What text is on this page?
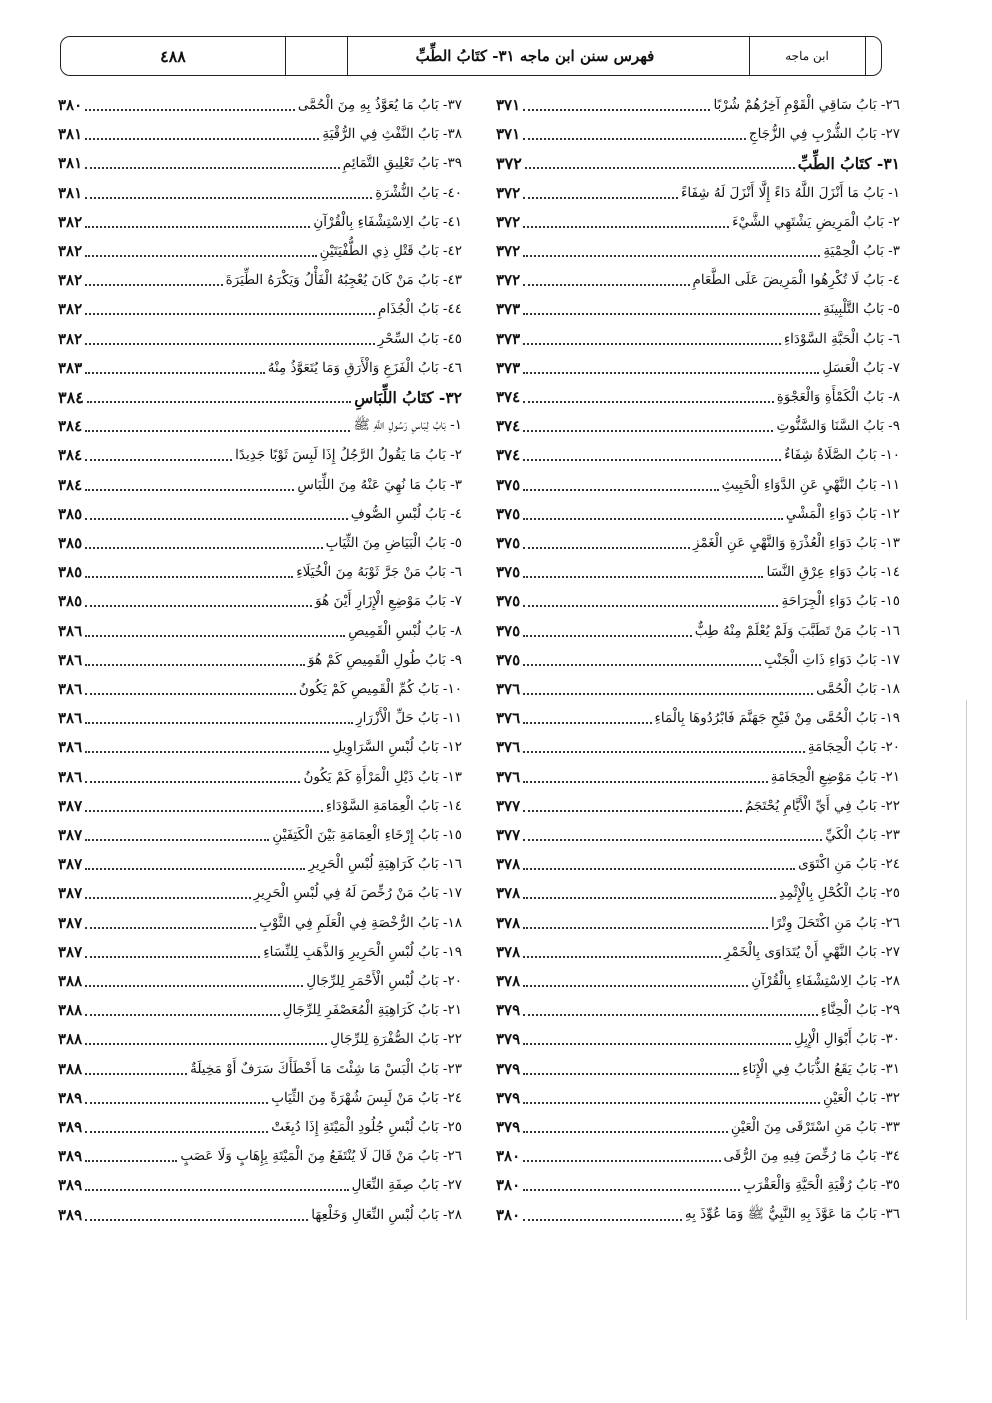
٤٨٨	فهرس سنن ابن ماجه ٣١- كتَابُ الطِّبِّ	ابن ماجه
٣٧١	٢٦- بَابُ سَاقِي الْقَوْمِ آخِرُهُمْ شُرْبًا
٣٧١	٢٧- بَابُ الشُّرْبِ فِي الزُّجَاجِ
٣٧٢	٣١- كتَابُ الطِّبِّ
٣٧٢	١- بَابُ مَا أَنْزَلَ اللَّهُ دَاءً إِلَّا أَنْزَلَ لَهُ شِفَاءً
٣٧٢	٢- بَابُ الْمَرِيضِ يَشْتَهِي الشَّيْءَ
٣٧٢	٣- بَابُ الْحِمْيَةِ
٣٧٢	٤- بَابُ لَا تُكْرِهُوا الْمَرِيضَ عَلَى الطَّعَامِ
٣٧٣	٥- بَابُ التَّلْبِينَةِ
٣٧٣	٦- بَابُ الْحَبَّةِ السَّوْدَاءِ
٣٧٣	٧- بَابُ الْعَسَلِ
٣٧٤	٨- بَابُ الْكَمْأَةِ وَالْعَجْوَةِ
٣٧٤	٩- بَابُ السَّنَا وَالسَّنُّوتِ
٣٧٤	١٠- بَابُ الصَّلَاةُ شِفَاءٌ
٣٧٥	١١- بَابُ النَّهْيِ عَنِ الدَّوَاءِ الْخَبِيثِ
٣٧٥	١٢- بَابُ دَوَاءِ الْمَشْيِ
٣٧٥	١٣- بَابُ دَوَاءِ الْعُذْرَةِ وَالنَّهْيِ عَنِ الْغَمْزِ
٣٧٥	١٤- بَابُ دَوَاءِ عِرْقِ النَّسَا
٣٧٥	١٥- بَابُ دَوَاءِ الْجِرَاحَةِ
٣٧٥	١٦- بَابُ مَنْ تَطَبَّبَ وَلَمْ يُعْلَمْ مِنْهُ طِبٌّ
٣٧٥	١٧- بَابُ دَوَاءِ ذَاتِ الْجَنْبِ
٣٧٦	١٨- بَابُ الْحُمَّى
٣٧٦	١٩- بَابُ الْحُمَّى مِنْ فَيْحِ جَهَنَّمَ فَابْرُدُوهَا بِالْمَاءِ
٣٧٦	٢٠- بَابُ الْحِجَامَةِ
٣٧٦	٢١- بَابُ مَوْضِعِ الْحِجَامَةِ
٣٧٧	٢٢- بَابُ فِي أَيِّ الْأَيَّامِ يُحْتَجَمُ
٣٧٧	٢٣- بَابُ الْكَيِّ
٣٧٨	٢٤- بَابُ مَنِ اكْتَوَى
٣٧٨	٢٥- بَابُ الْكُحْلِ بِالْإِثْمِدِ
٣٧٨	٢٦- بَابُ مَنِ اكْتَحَلَ وِتْرًا
٣٧٨	٢٧- بَابُ النَّهْيِ أَنْ يُتَدَاوَى بِالْخَمْرِ
٣٧٨	٢٨- بَابُ الِاسْتِشْفَاءِ بِالْقُرْآنِ
٣٧٩	٢٩- بَابُ الْحِنَّاءِ
٣٧٩	٣٠- بَابُ أَبْوَالِ الْإِبِلِ
٣٧٩	٣١- بَابُ يَقَعُ الذُّبَابُ فِي الْإِنَاءِ
٣٧٩	٣٢- بَابُ الْعَيْنِ
٣٧٩	٣٣- بَابُ مَنِ اسْتَرْقَى مِنَ الْعَيْنِ
٣٨٠	٣٤- بَابُ مَا رُخِّصَ فِيهِ مِنَ الرُّقَى
٣٨٠	٣٥- بَابُ رُقْيَةِ الْحَيَّةِ وَالْعَقْرَبِ
٣٨٠	٣٦- بَابُ مَا عَوَّذَ بِهِ النَّبِيُّ ﷺ وَمَا عُوِّذَ بِهِ
٣٨٠	٣٧- بَابُ مَا يُعَوَّذُ بِهِ مِنَ الْحُمَّى
٣٨١	٣٨- بَابُ النَّفْثِ فِي الرُّقْيَةِ
٣٨١	٣٩- بَابُ تَعْلِيقِ التَّمَائِمِ
٣٨١	٤٠- بَابُ النُّشْرَةِ
٣٨٢	٤١- بَابُ الِاسْتِشْفَاءِ بِالْقُرْآنِ
٣٨٢	٤٢- بَابُ قَتْلِ ذِي الطُّفْيَتَيْنِ
٣٨٢	٤٣- بَابُ مَنْ كَانَ يُعْجِبُهُ الْفَأْلُ وَيَكْرَهُ الطِّيَرَةَ
٣٨٢	٤٤- بَابُ الْجُذَامِ
٣٨٢	٤٥- بَابُ السِّحْرِ
٣٨٣	٤٦- بَابُ الْفَزَعِ وَالْأَرَقِ وَمَا يُتَعَوَّذُ مِنْهُ
٣٨٤	٣٢- كتَابُ اللِّبَاسِ
٣٨٤	١- بَابُ لِبَاسِ رَسُولِ اللَّهِ ﷺ
٣٨٤	٢- بَابُ مَا يَقُولُ الرَّجُلُ إِذَا لَبِسَ ثَوْبًا جَدِيدًا
٣٨٤	٣- بَابُ مَا نُهِيَ عَنْهُ مِنَ اللِّبَاسِ
٣٨٥	٤- بَابُ لُبْسِ الصُّوفِ
٣٨٥	٥- بَابُ الْبَيَاضِ مِنَ الثِّيَابِ
٣٨٥	٦- بَابُ مَنْ جَرَّ ثَوْبَهُ مِنَ الْخُيَلَاءِ
٣٨٥	٧- بَابُ مَوْضِعِ الْإِزَارِ أَيْنَ هُوَ
٣٨٦	٨- بَابُ لُبْسِ الْقَمِيصِ
٣٨٦	٩- بَابُ طُولِ الْقَمِيصِ كَمْ هُوَ
٣٨٦	١٠- بَابُ كُمِّ الْقَمِيصِ كَمْ يَكُونُ
٣٨٦	١١- بَابُ حَلِّ الْأَزْرَارِ
٣٨٦	١٢- بَابُ لُبْسِ السَّرَاوِيلِ
٣٨٦	١٣- بَابُ ذَيْلِ الْمَرْأَةِ كَمْ يَكُونُ
٣٨٧	١٤- بَابُ الْعِمَامَةِ السَّوْدَاءِ
٣٨٧	١٥- بَابُ إِرْخَاءِ الْعِمَامَةِ بَيْنَ الْكَتِفَيْنِ
٣٨٧	١٦- بَابُ كَرَاهِيَةِ لُبْسِ الْحَرِيرِ
٣٨٧	١٧- بَابُ مَنْ رُخِّصَ لَهُ فِي لُبْسِ الْحَرِيرِ
٣٨٧	١٨- بَابُ الرُّخْصَةِ فِي الْعَلَمِ فِي الثَّوْبِ
٣٨٧	١٩- بَابُ لُبْسِ الْحَرِيرِ وَالذَّهَبِ لِلنِّسَاءِ
٣٨٨	٢٠- بَابُ لُبْسِ الْأَحْمَرِ لِلرِّجَالِ
٣٨٨	٢١- بَابُ كَرَاهِيَةِ الْمُعَصْفَرِ لِلرِّجَالِ
٣٨٨	٢٢- بَابُ الصُّفْرَةِ لِلرِّجَالِ
٣٨٨	٢٣- بَابُ الْبَسْ مَا شِئْتَ مَا أَخْطَأَكَ سَرَفٌ أَوْ مَخِيلَةٌ
٣٨٩	٢٤- بَابُ مَنْ لَبِسَ شُهْرَةً مِنَ الثِّيَابِ
٣٨٩	٢٥- بَابُ لُبْسِ جُلُودِ الْمَيْتَةِ إِذَا دُبِغَتْ
٣٨٩	٢٦- بَابُ مَنْ قَالَ لَا يُنْتَفَعُ مِنَ الْمَيْتَةِ بِإِهَابٍ وَلَا عَصَبٍ
٣٨٩	٢٧- بَابُ صِفَةِ النِّعَالِ
٣٨٩	٢٨- بَابُ لُبْسِ النِّعَالِ وَخَلْعِهَا
